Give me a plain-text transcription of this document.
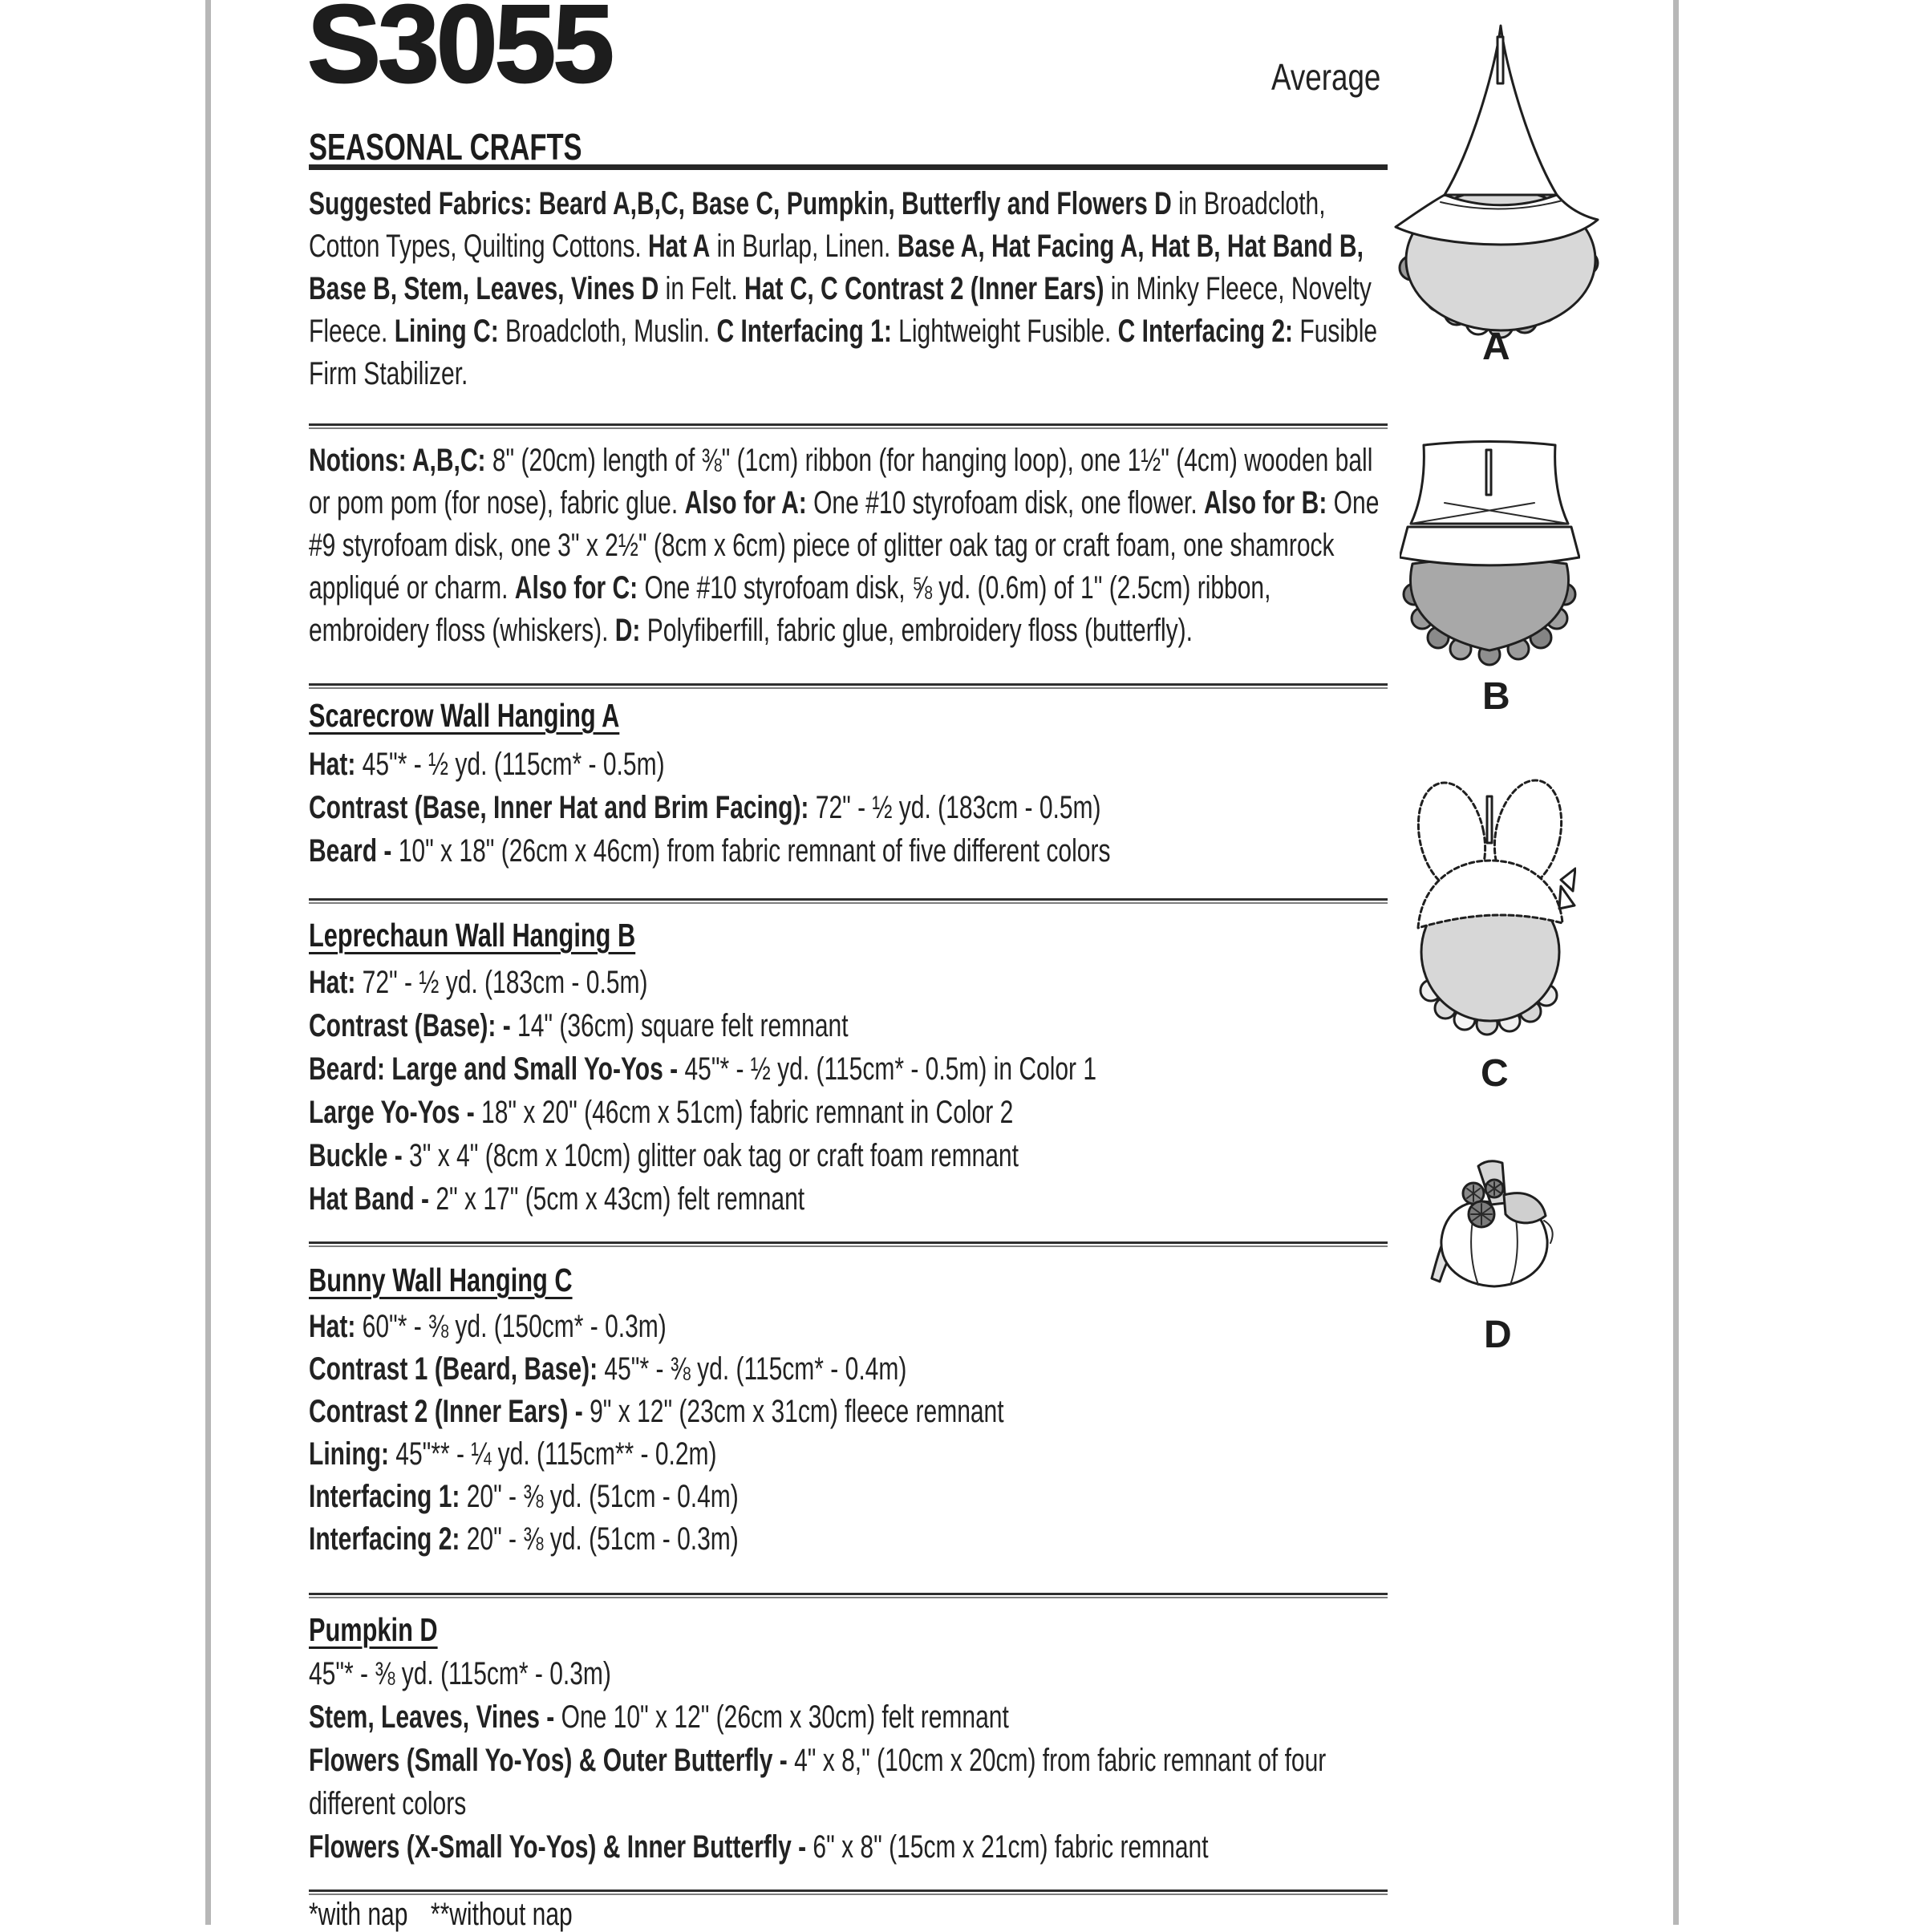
S3055	Average
SEASONAL CRAFTS

Suggested Fabrics: Beard A,B,C, Base C, Pumpkin, Butterfly and Flowers D in Broadcloth, Cotton Types, Quilting Cottons. Hat A in Burlap, Linen. Base A, Hat Facing A, Hat B, Hat Band B, Base B, Stem, Leaves, Vines D in Felt. Hat C, C Contrast 2 (Inner Ears) in Minky Fleece, Novelty Fleece. Lining C: Broadcloth, Muslin. C Interfacing 1: Lightweight Fusible. C Interfacing 2: Fusible Firm Stabilizer.

Notions: A,B,C: 8" (20cm) length of ⅜" (1cm) ribbon (for hanging loop), one 1½" (4cm) wooden ball or pom pom (for nose), fabric glue. Also for A: One #10 styrofoam disk, one flower. Also for B: One #9 styrofoam disk, one 3" x 2½" (8cm x 6cm) piece of glitter oak tag or craft foam, one shamrock appliqué or charm. Also for C: One #10 styrofoam disk, ⅝ yd. (0.6m) of 1" (2.5cm) ribbon, embroidery floss (whiskers). D: Polyfiberfill, fabric glue, embroidery floss (butterfly).

Scarecrow Wall Hanging A
Hat: 45"* - ½ yd. (115cm* - 0.5m)
Contrast (Base, Inner Hat and Brim Facing): 72" - ½ yd. (183cm - 0.5m)
Beard - 10" x 18" (26cm x 46cm) from fabric remnant of five different colors
Leprechaun Wall Hanging B
Hat: 72" - ½ yd. (183cm - 0.5m)
Contrast (Base): - 14" (36cm) square felt remnant
Beard: Large and Small Yo-Yos - 45"* - ½ yd. (115cm* - 0.5m) in Color 1
Large Yo-Yos - 18" x 20" (46cm x 51cm) fabric remnant in Color 2
Buckle - 3" x 4" (8cm x 10cm) glitter oak tag or craft foam remnant
Hat Band - 2" x 17" (5cm x 43cm) felt remnant
Bunny Wall Hanging C
Hat: 60"* - ⅜ yd. (150cm* - 0.3m)
Contrast 1 (Beard, Base): 45"* - ⅜ yd. (115cm* - 0.4m)
Contrast 2 (Inner Ears) - 9" x 12" (23cm x 31cm) fleece remnant
Lining: 45"** - ¼ yd. (115cm** - 0.2m)
Interfacing 1: 20" - ⅜ yd. (51cm - 0.4m)
Interfacing 2: 20" - ⅜ yd. (51cm - 0.3m)
Pumpkin D
45"* - ⅜ yd. (115cm* - 0.3m)
Stem, Leaves, Vines - One 10" x 12" (26cm x 30cm) felt remnant
Flowers (Small Yo-Yos) & Outer Butterfly - 4" x 8," (10cm x 20cm) from fabric remnant of four
different colors
Flowers (X-Small Yo-Yos) & Inner Butterfly - 6" x 8" (15cm x 21cm) fabric remnant
*with nap **without nap
A
B
C
D
